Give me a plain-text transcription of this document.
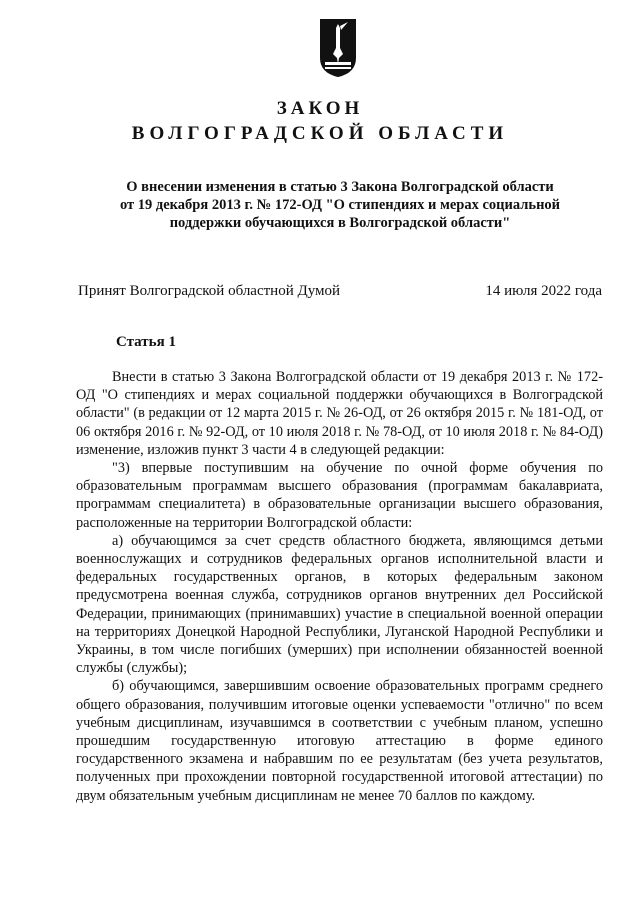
ЗАКОН
ВОЛГОГРАДСКОЙ ОБЛАСТИ
О внесении изменения в статью 3 Закона Волгоградской области
от 19 декабря 2013 г. № 172-ОД "О стипендиях и мерах социальной
поддержки обучающихся в Волгоградской области"
Принят Волгоградской областной Думой	14 июля 2022 года
Статья 1

Внести в статью 3 Закона Волгоградской области от 19 декабря 2013 г. № 172-ОД "О стипендиях и мерах социальной поддержки обучающихся в Волгоградской области" (в редакции от 12 марта 2015 г. № 26-ОД, от 26 октября 2015 г. № 181-ОД, от 06 октября 2016 г. № 92-ОД, от 10 июля 2018 г. № 78-ОД, от 10 июля 2018 г. № 84-ОД) изменение, изложив пункт 3 части 4 в следующей редакции:

"3) впервые поступившим на обучение по очной форме обучения по образовательным программам высшего образования (программам бакалавриата, программам специалитета) в образовательные организации высшего образования, расположенные на территории Волгоградской области:

а) обучающимся за счет средств областного бюджета, являющимся детьми военнослужащих и сотрудников федеральных органов исполнительной власти и федеральных государственных органов, в которых федеральным законом предусмотрена военная служба, сотрудников органов внутренних дел Российской Федерации, принимающих (принимавших) участие в специальной военной операции на территориях Донецкой Народной Республики, Луганской Народной Республики и Украины, в том числе погибших (умерших) при исполнении обязанностей военной службы (службы);

б) обучающимся, завершившим освоение образовательных программ среднего общего образования, получившим итоговые оценки успеваемости "отлично" по всем учебным дисциплинам, изучавшимся в соответствии с учебным планом, успешно прошедшим государственную итоговую аттестацию в форме единого государственного экзамена и набравшим по ее результатам (без учета результатов, полученных при прохождении повторной государственной итоговой аттестации) по двум обязательным учебным дисциплинам не менее 70 баллов по каждому.
